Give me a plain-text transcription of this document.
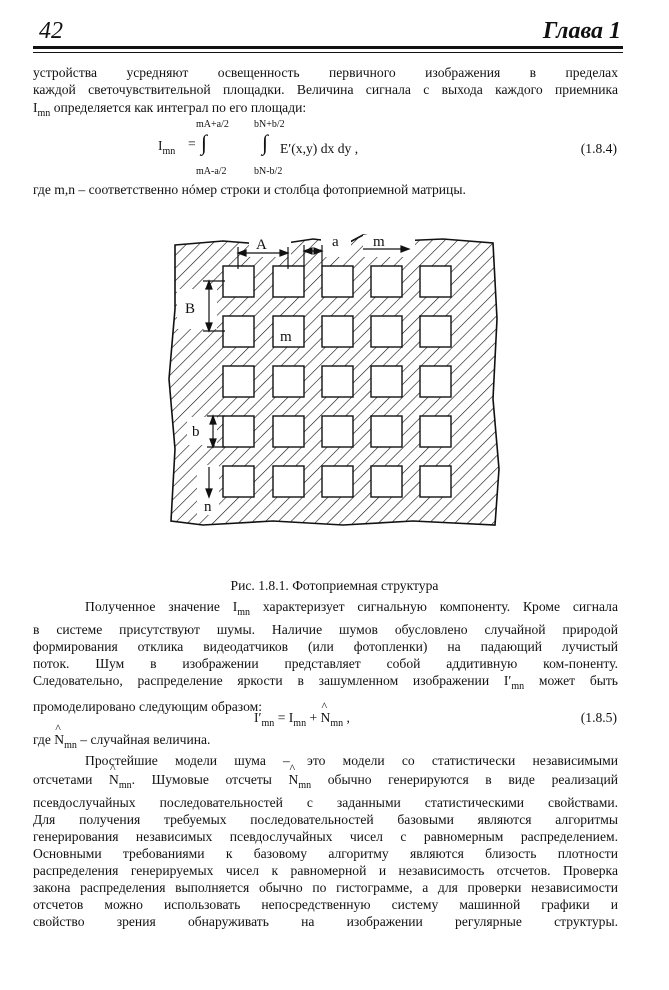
42	Глава 1

устройства усредняют освещенность первичного изображения в пределах

каждой светочувствительной площадки. Величина сигнала с выхода каждого приемника

$I_{mn}$ определяется как интеграл по его площади:

$I_{mn}$
=
mA+a/2
∫
mA-a/2
bN+b/2
∫
bN-b/2
E′(x,y) dx dy ,	(1.8.4)
где m,n – соответственно нóмер строки и столбца фотоприемной матрицы.
A	a m
B
m
b
n
Рис. 1.8.1. Фотоприемная структура

Полученное значение $I_{mn}$ характеризует сигнальную компоненту. Кроме сигнала

в системе присутствуют шумы. Наличие шумов обусловлено случайной природой

формирования отклика видеодатчиков (или фотопленки) на падающий лучистый

поток. Шум в изображении представляет собой аддитивную ком-поненту.

Следовательно, распределение яркости в зашумленном изображении $I'_{mn}$ может быть

промоделировано следующим образом:

$I'_{mn} = I_{mn}$ + ^ $N_{mn}$ ,	(1.8.5)
где ^ $N_{mn}$ – случайная величина.

Простейшие модели шума – это модели со статистически независимыми

отсчетами ^ $N_{mn}$. Шумовые отсчеты ^ $N_{mn}$ обычно генерируются в виде реализаций

псевдослучайных последовательностей с заданными статистическими свойствами.

Для получения требуемых последовательностей базовыми являются алгоритмы

генерирования независимых псевдослучайных чисел с равномерным распределением.

Основными требованиями к базовому алгоритму являются близость плотности

распределения генерируемых чисел к равномерной и независимость отсчетов. Проверка

закона распределения выполняется обычно по гистограмме, а для проверки независимости

отсчетов можно использовать непосредственную систему машинной графики и

свойство зрения обнаруживать на изображении регулярные структуры.
